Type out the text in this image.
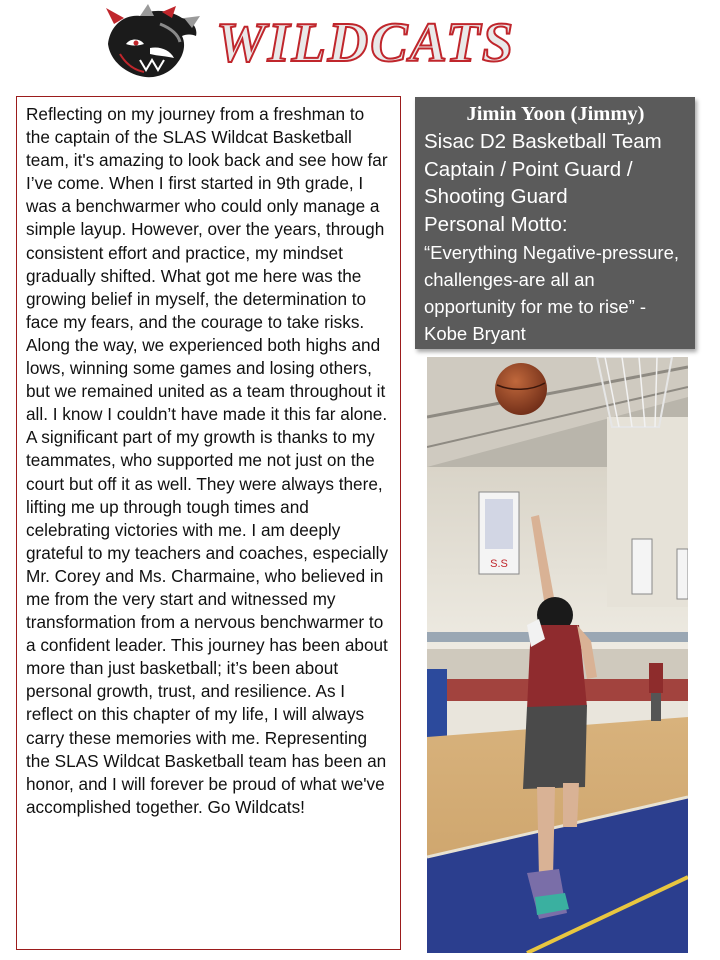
WILDCATS

Reflecting on my journey from a freshman to the captain of the SLAS Wildcat Basketball team, it's amazing to look back and see how far I’ve come. When I first started in 9th grade, I was a benchwarmer who could only manage a simple layup. However, over the years, through consistent effort and practice, my mindset gradually shifted. What got me here was the growing belief in myself, the determination to face my fears, and the courage to take risks. Along the way, we experienced both highs and lows, winning some games and losing others, but we remained united as a team throughout it all. I know I couldn’t have made it this far alone. A significant part of my growth is thanks to my teammates, who supported me not just on the court but off it as well. They were always there, lifting me up through tough times and celebrating victories with me. I am deeply grateful to my teachers and coaches, especially Mr. Corey and Ms. Charmaine, who believed in me from the very start and witnessed my transformation from a nervous benchwarmer to a confident leader. This journey has been about more than just basketball; it’s been about personal growth, trust, and resilience. As I reflect on this chapter of my life, I will always carry these memories with me. Representing the SLAS Wildcat Basketball team has been an honor, and I will forever be proud of what we've accomplished together. Go Wildcats!

Jimin Yoon (Jimmy)
Sisac D2 Basketball Team Captain / Point Guard / Shooting Guard
Personal Motto:
“Everything Negative-pressure, challenges-are all an opportunity for me to rise” -Kobe Bryant
S.S
